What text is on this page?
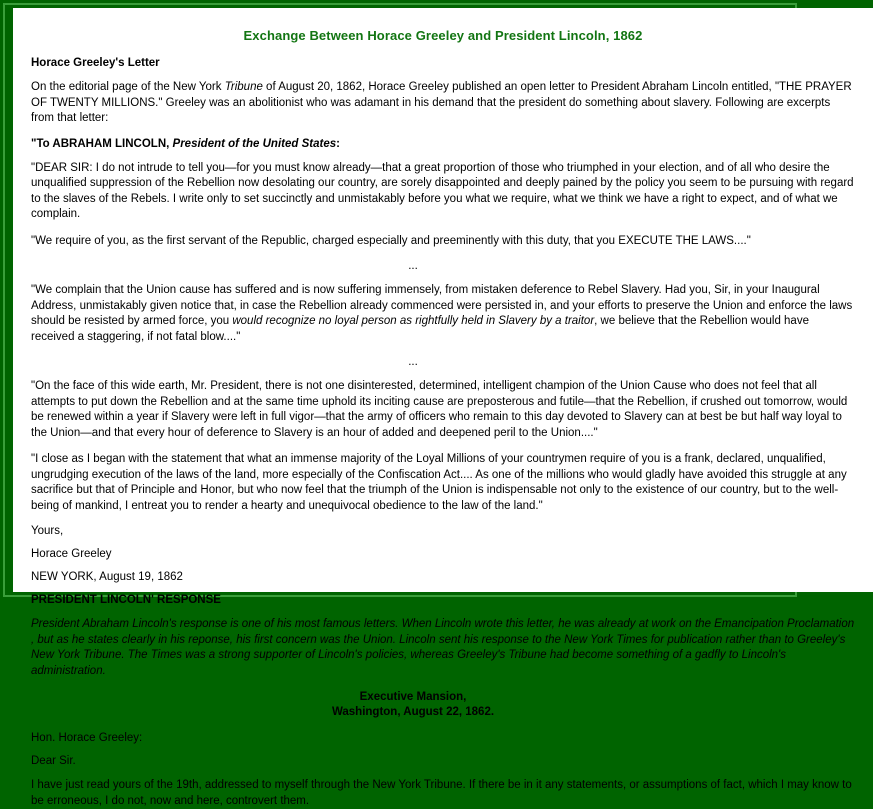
Exchange Between Horace Greeley and President Lincoln, 1862
Horace Greeley's Letter

On the editorial page of the New York Tribune of August 20, 1862, Horace Greeley published an open letter to President Abraham Lincoln entitled, "THE PRAYER OF TWENTY MILLIONS." Greeley was an abolitionist who was adamant in his demand that the president do something about slavery. Following are excerpts from that letter:

"To ABRAHAM LINCOLN, President of the United States:

"DEAR SIR: I do not intrude to tell you—for you must know already—that a great proportion of those who triumphed in your election, and of all who desire the unqualified suppression of the Rebellion now desolating our country, are sorely disappointed and deeply pained by the policy you seem to be pursuing with regard to the slaves of the Rebels. I write only to set succinctly and unmistakably before you what we require, what we think we have a right to expect, and of what we complain.

"We require of you, as the first servant of the Republic, charged especially and preeminently with this duty, that you EXECUTE THE LAWS...."

...

"We complain that the Union cause has suffered and is now suffering immensely, from mistaken deference to Rebel Slavery. Had you, Sir, in your Inaugural Address, unmistakably given notice that, in case the Rebellion already commenced were persisted in, and your efforts to preserve the Union and enforce the laws should be resisted by armed force, you would recognize no loyal person as rightfully held in Slavery by a traitor, we believe that the Rebellion would have received a staggering, if not fatal blow...."

...

"On the face of this wide earth, Mr. President, there is not one disinterested, determined, intelligent champion of the Union Cause who does not feel that all attempts to put down the Rebellion and at the same time uphold its inciting cause are preposterous and futile—that the Rebellion, if crushed out tomorrow, would be renewed within a year if Slavery were left in full vigor—that the army of officers who remain to this day devoted to Slavery can at best be but half way loyal to the Union—and that every hour of deference to Slavery is an hour of added and deepened peril to the Union...."

"I close as I began with the statement that what an immense majority of the Loyal Millions of your countrymen require of you is a frank, declared, unqualified, ungrudging execution of the laws of the land, more especially of the Confiscation Act.... As one of the millions who would gladly have avoided this struggle at any sacrifice but that of Principle and Honor, but who now feel that the triumph of the Union is indispensable not only to the existence of our country, but to the well-being of mankind, I entreat you to render a hearty and unequivocal obedience to the law of the land."

Yours,

Horace Greeley

NEW YORK, August 19, 1862

PRESIDENT LINCOLN' RESPONSE

President Abraham Lincoln's response is one of his most famous letters. When Lincoln wrote this letter, he was already at work on the Emancipation Proclamation , but as he states clearly in his reponse, his first concern was the Union. Lincoln sent his response to the New York Times for publication rather than to Greeley's New York Tribune. The Times was a strong supporter of Lincoln's policies, whereas Greeley's Tribune had become something of a gadfly to Lincoln's administration.

Executive Mansion,
Washington, August 22, 1862.

Hon. Horace Greeley:

Dear Sir.

I have just read yours of the 19th, addressed to myself through the New York Tribune. If there be in it any statements, or assumptions of fact, which I may know to be erroneous, I do not, now and here, controvert them.
